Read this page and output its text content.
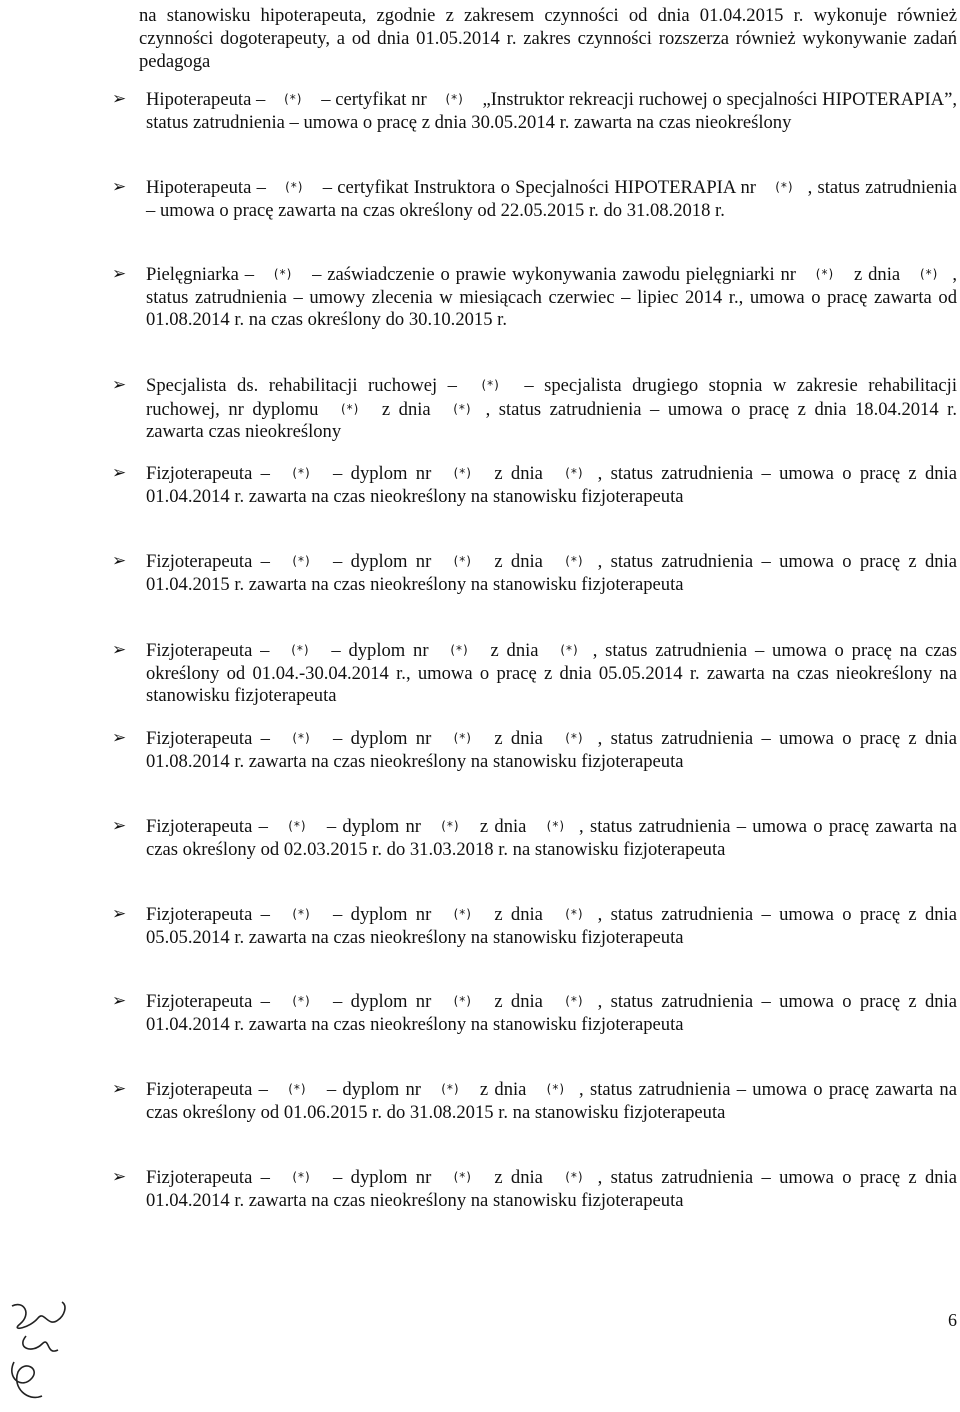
na stanowisku hipoterapeuta, zgodnie z zakresem czynności od dnia 01.04.2015 r. wykonuje również czynności dogoterapeuty, a od dnia 01.05.2014 r. zakres czynności rozszerza również wykonywanie zadań pedagoga

➢	Hipoterapeuta – (*) – certyfikat nr (*) „Instruktor rekreacji ruchowej o specjalności HIPOTERAPIA”, status zatrudnienia – umowa o pracę z dnia 30.05.2014 r. zawarta na czas nieokreślony
➢	Hipoterapeuta – (*) – certyfikat Instruktora o Specjalności HIPOTERAPIA nr (*) , status zatrudnienia – umowa o pracę zawarta na czas określony od 22.05.2015 r. do 31.08.2018 r.
➢	Pielęgniarka – (*) – zaświadczenie o prawie wykonywania zawodu pielęgniarki nr (*) z dnia (*) , status zatrudnienia – umowy zlecenia w miesiącach czerwiec – lipiec 2014 r., umowa o pracę zawarta od 01.08.2014 r. na czas określony do 30.10.2015 r.
➢	Specjalista ds. rehabilitacji ruchowej – (*) – specjalista drugiego stopnia w zakresie rehabilitacji ruchowej, nr dyplomu (*) z dnia (*) , status zatrudnienia – umowa o pracę z dnia 18.04.2014 r. zawarta czas nieokreślony
➢	Fizjoterapeuta – (*) – dyplom nr (*) z dnia (*) , status zatrudnienia – umowa o pracę z dnia 01.04.2014 r. zawarta na czas nieokreślony na stanowisku fizjoterapeuta
➢	Fizjoterapeuta – (*) – dyplom nr (*) z dnia (*) , status zatrudnienia – umowa o pracę z dnia 01.04.2015 r. zawarta na czas nieokreślony na stanowisku fizjoterapeuta
➢	Fizjoterapeuta – (*) – dyplom nr (*) z dnia (*) , status zatrudnienia – umowa o pracę na czas określony od 01.04.-30.04.2014 r., umowa o pracę z dnia 05.05.2014 r. zawarta na czas nieokreślony na stanowisku fizjoterapeuta
➢	Fizjoterapeuta – (*) – dyplom nr (*) z dnia (*) , status zatrudnienia – umowa o pracę z dnia 01.08.2014 r. zawarta na czas nieokreślony na stanowisku fizjoterapeuta
➢	Fizjoterapeuta – (*) – dyplom nr (*) z dnia (*) , status zatrudnienia – umowa o pracę zawarta na czas określony od 02.03.2015 r. do 31.03.2018 r. na stanowisku fizjoterapeuta
➢	Fizjoterapeuta – (*) – dyplom nr (*) z dnia (*) , status zatrudnienia – umowa o pracę z dnia 05.05.2014 r. zawarta na czas nieokreślony na stanowisku fizjoterapeuta
➢	Fizjoterapeuta – (*) – dyplom nr (*) z dnia (*) , status zatrudnienia – umowa o pracę z dnia 01.04.2014 r. zawarta na czas nieokreślony na stanowisku fizjoterapeuta
➢	Fizjoterapeuta – (*) – dyplom nr (*) z dnia (*) , status zatrudnienia – umowa o pracę zawarta na czas określony od 01.06.2015 r. do 31.08.2015 r. na stanowisku fizjoterapeuta
➢	Fizjoterapeuta – (*) – dyplom nr (*) z dnia (*) , status zatrudnienia – umowa o pracę z dnia 01.04.2014 r. zawarta na czas nieokreślony na stanowisku fizjoterapeuta
6
